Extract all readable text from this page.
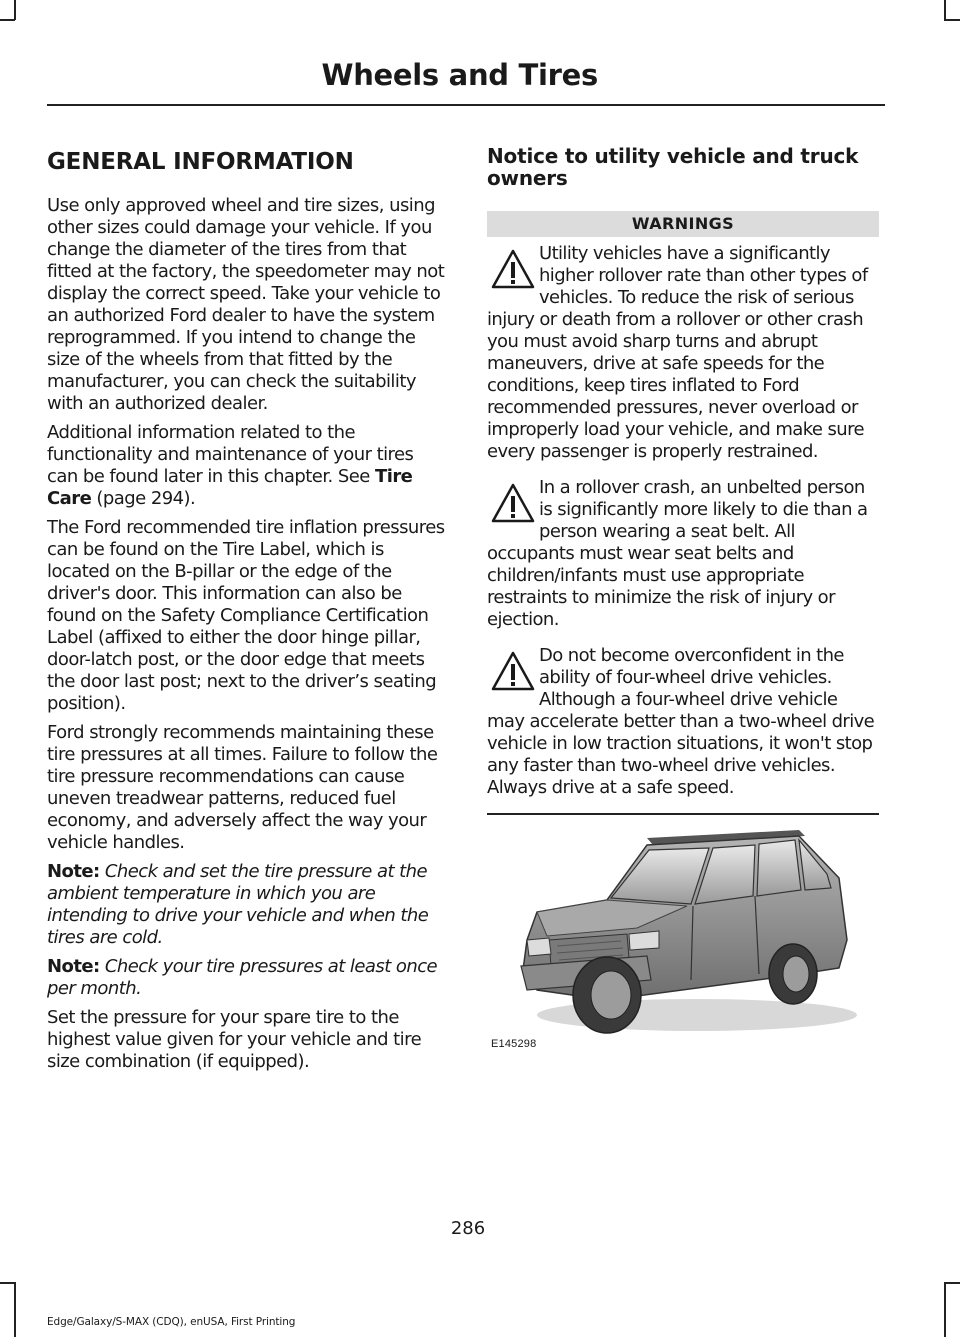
Wheels and Tires
GENERAL INFORMATION

Use only approved wheel and tire sizes, using other sizes could damage your vehicle. If you change the diameter of the tires from that fitted at the factory, the speedometer may not display the correct speed. Take your vehicle to an authorized Ford dealer to have the system reprogrammed. If you intend to change the size of the wheels from that fitted by the manufacturer, you can check the suitability with an authorized dealer.

Additional information related to the functionality and maintenance of your tires can be found later in this chapter. See Tire Care (page 294).

The Ford recommended tire inflation pressures can be found on the Tire Label, which is located on the B-pillar or the edge of the driver's door. This information can also be found on the Safety Compliance Certification Label (affixed to either the door hinge pillar, door-latch post, or the door edge that meets the door last post; next to the driver’s seating position).

Ford strongly recommends maintaining these tire pressures at all times. Failure to follow the tire pressure recommendations can cause uneven treadwear patterns, reduced fuel economy, and adversely affect the way your vehicle handles.

Note: Check and set the tire pressure at the ambient temperature in which you are intending to drive your vehicle and when the tires are cold.

Note: Check your tire pressures at least once per month.

Set the pressure for your spare tire to the highest value given for your vehicle and tire size combination (if equipped).

Notice to utility vehicle and truck owners
WARNINGS
Utility vehicles have a significantly higher rollover rate than other types of vehicles. To reduce the risk of serious injury or death from a rollover or other crash you must avoid sharp turns and abrupt maneuvers, drive at safe speeds for the conditions, keep tires inflated to Ford recommended pressures, never overload or improperly load your vehicle, and make sure every passenger is properly restrained.
In a rollover crash, an unbelted person is significantly more likely to die than a person wearing a seat belt. All occupants must wear seat belts and children/infants must use appropriate restraints to minimize the risk of injury or ejection.
Do not become overconfident in the ability of four-wheel drive vehicles. Although a four-wheel drive vehicle may accelerate better than a two-wheel drive vehicle in low traction situations, it won't stop any faster than two-wheel drive vehicles. Always drive at a safe speed.
E145298
286
Edge/Galaxy/S-MAX (CDQ), enUSA, First Printing
